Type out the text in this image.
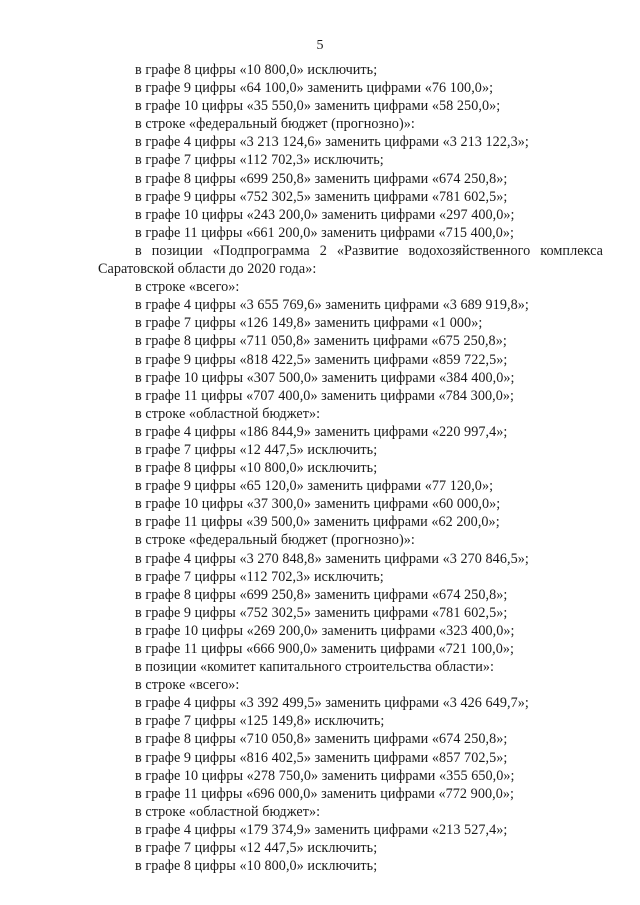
5
в графе 8 цифры «10 800,0» исключить;
в графе 9 цифры «64 100,0» заменить цифрами «76 100,0»;
в графе 10 цифры «35 550,0» заменить цифрами «58 250,0»;
в строке «федеральный бюджет (прогнозно)»:
в графе 4 цифры «3 213 124,6» заменить цифрами «3 213 122,3»;
в графе 7 цифры «112 702,3» исключить;
в графе 8 цифры «699 250,8» заменить цифрами «674 250,8»;
в графе 9 цифры «752 302,5» заменить цифрами «781 602,5»;
в графе 10 цифры «243 200,0» заменить цифрами «297 400,0»;
в графе 11 цифры «661 200,0» заменить цифрами «715 400,0»;
в позиции «Подпрограмма 2 «Развитие водохозяйственного комплекса
Саратовской области до 2020 года»:
в строке «всего»:
в графе 4 цифры «3 655 769,6» заменить цифрами «3 689 919,8»;
в графе 7 цифры «126 149,8» заменить цифрами «1 000»;
в графе 8 цифры «711 050,8» заменить цифрами «675 250,8»;
в графе 9 цифры «818 422,5» заменить цифрами «859 722,5»;
в графе 10 цифры «307 500,0» заменить цифрами «384 400,0»;
в графе 11 цифры «707 400,0» заменить цифрами «784 300,0»;
в строке «областной бюджет»:
в графе 4 цифры «186 844,9» заменить цифрами «220 997,4»;
в графе 7 цифры «12 447,5» исключить;
в графе 8 цифры «10 800,0» исключить;
в графе 9 цифры «65 120,0» заменить цифрами «77 120,0»;
в графе 10 цифры «37 300,0» заменить цифрами «60 000,0»;
в графе 11 цифры «39 500,0» заменить цифрами «62 200,0»;
в строке «федеральный бюджет (прогнозно)»:
в графе 4 цифры «3 270 848,8» заменить цифрами «3 270 846,5»;
в графе 7 цифры «112 702,3» исключить;
в графе 8 цифры «699 250,8» заменить цифрами «674 250,8»;
в графе 9 цифры «752 302,5» заменить цифрами «781 602,5»;
в графе 10 цифры «269 200,0» заменить цифрами «323 400,0»;
в графе 11 цифры «666 900,0» заменить цифрами «721 100,0»;
в позиции «комитет капитального строительства области»:
в строке «всего»:
в графе 4 цифры «3 392 499,5» заменить цифрами «3 426 649,7»;
в графе 7 цифры «125 149,8» исключить;
в графе 8 цифры «710 050,8» заменить цифрами «674 250,8»;
в графе 9 цифры «816 402,5» заменить цифрами «857 702,5»;
в графе 10 цифры «278 750,0» заменить цифрами «355 650,0»;
в графе 11 цифры «696 000,0» заменить цифрами «772 900,0»;
в строке «областной бюджет»:
в графе 4 цифры «179 374,9» заменить цифрами «213 527,4»;
в графе 7 цифры «12 447,5» исключить;
в графе 8 цифры «10 800,0» исключить;
